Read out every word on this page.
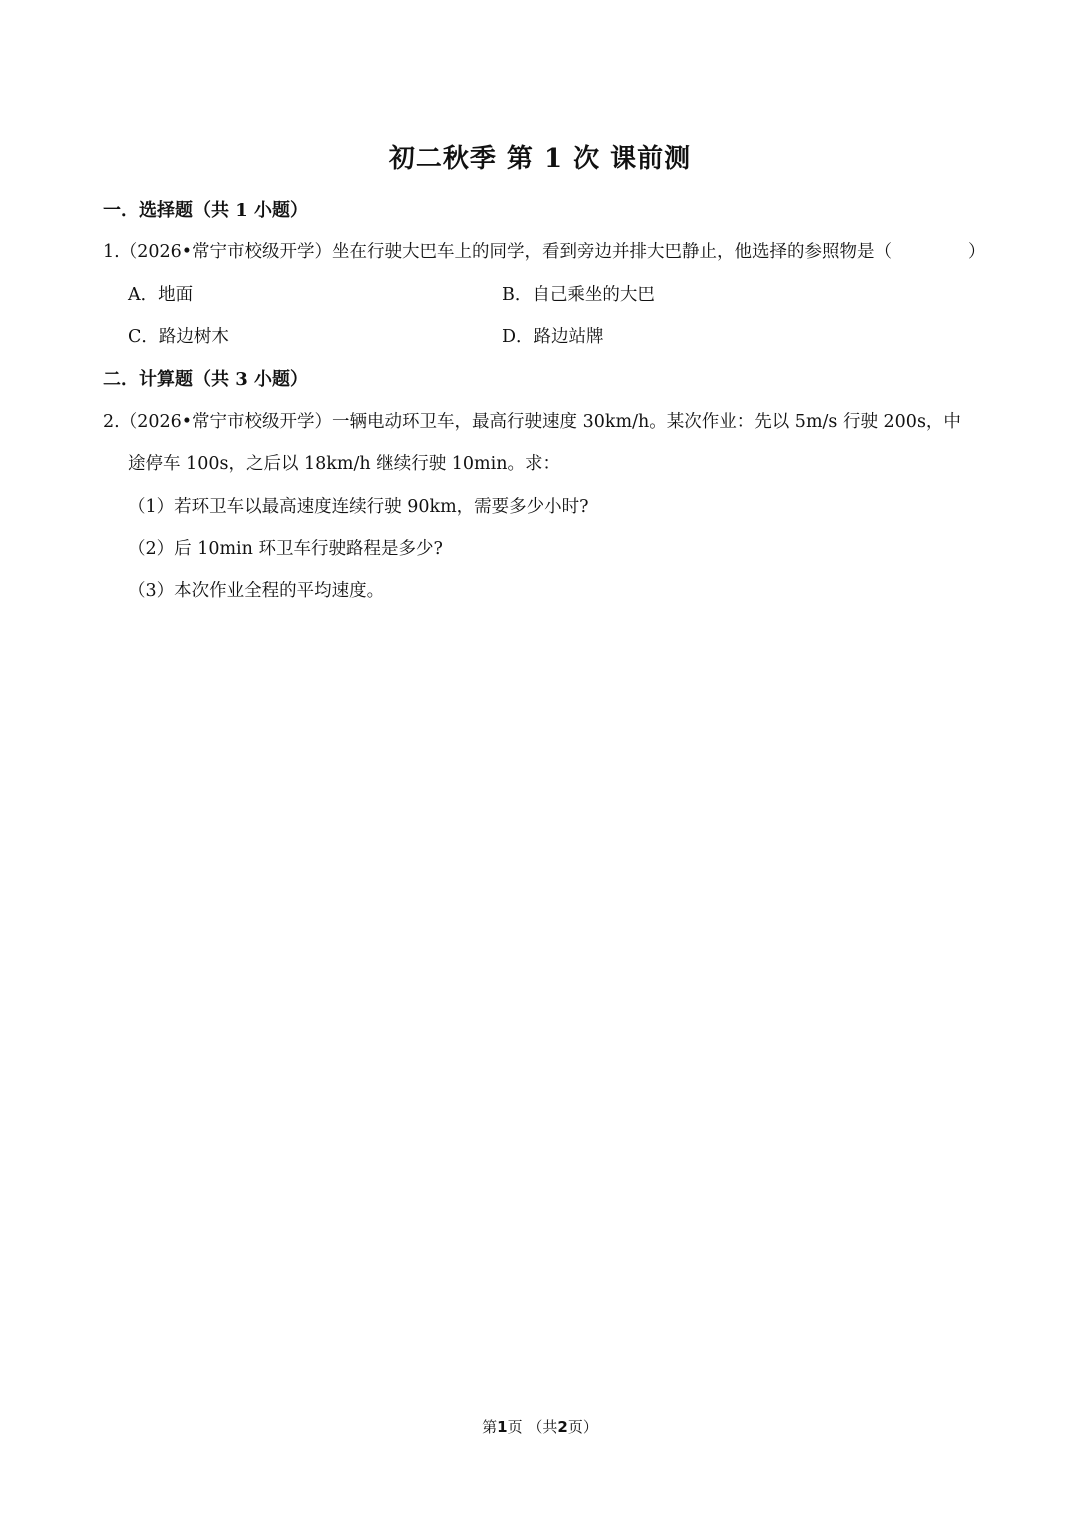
初二秋季 第 1 次 课前测
一．选择题（共 1 小题）
1.（2026•常宁市校级开学）坐在行驶大巴车上的同学，看到旁边并排大巴静止，他选择的参照物是（	）
A．地面	B．自己乘坐的大巴
C．路边树木	D．路边站牌
二．计算题（共 3 小题）
2.（2026•常宁市校级开学）一辆电动环卫车，最高行驶速度 30km/h。某次作业：先以 5m/s 行驶 200s，中
途停车 100s，之后以 18km/h 继续行驶 10min。求：
（1）若环卫车以最高速度连续行驶 90km，需要多少小时?
（2）后 10min 环卫车行驶路程是多少?
（3）本次作业全程的平均速度。
第1页 （共2页）
